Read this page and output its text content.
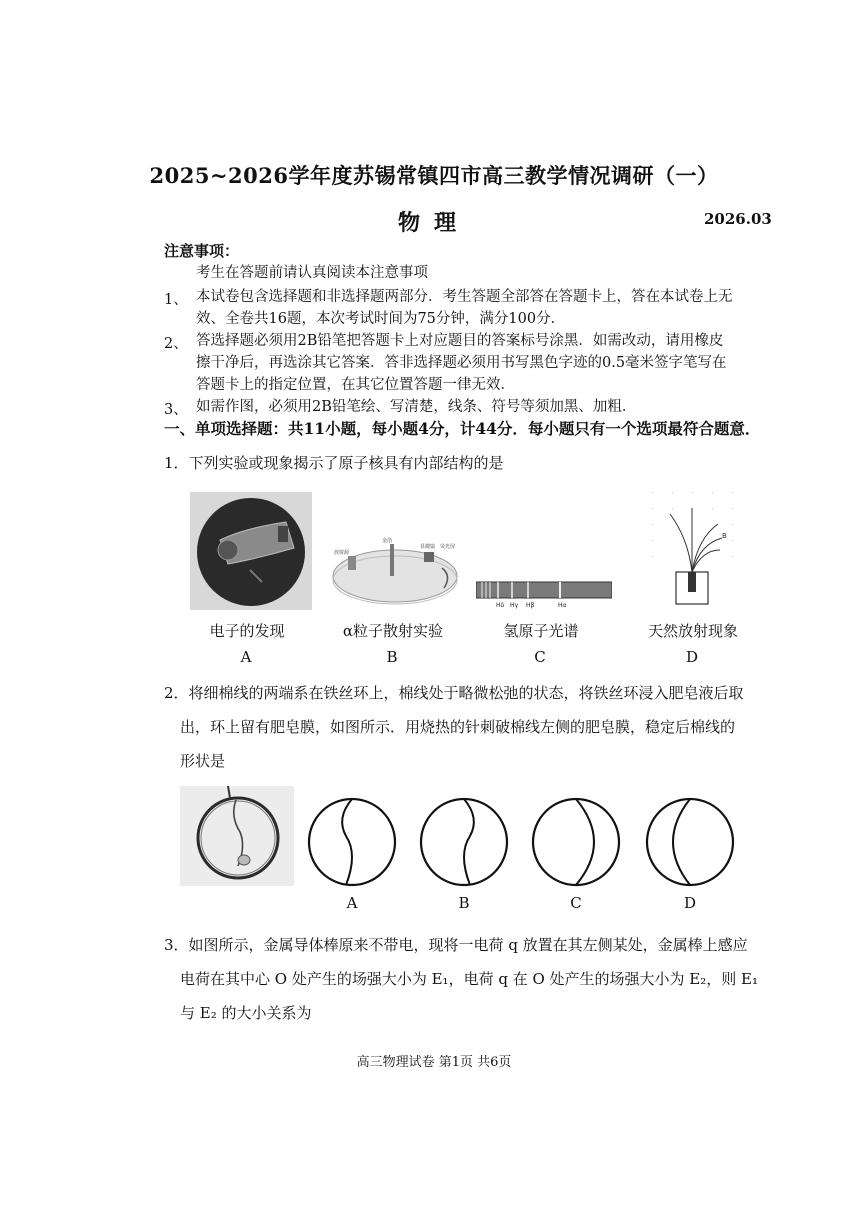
2025~2026学年度苏锡常镇四市高三教学情况调研（一）
物理	2026.03
注意事项：
考生在答题前请认真阅读本注意事项
1、 本试卷包含选择题和非选择题两部分．考生答题全部答在答题卡上，答在本试卷上无
效、全卷共16题，本次考试时间为75分钟，满分100分．
2、 答选择题必须用2B铅笔把答题卡上对应题目的答案标号涂黑．如需改动，请用橡皮
擦干净后，再选涂其它答案．答非选择题必须用书写黑色字迹的0.5毫米签字笔写在
答题卡上的指定位置，在其它位置答题一律无效．
3、 如需作图，必须用2B铅笔绘、写清楚，线条、符号等须加黑、加粗．
一、单项选择题：共11小题，每小题4分，计44分．每小题只有一个选项最符合题意．
1．下列实验或现象揭示了原子核具有内部结构的是
放射源
金箔
显微镜 荧光屏
Hδ Hγ Hβ	Hα
·	·	·	·	·
·	·	·	·
·	·
·	·
·	·
B
电子的发现	α粒子散射实验	氢原子光谱	天然放射现象
A	B	C	D
2．将细棉线的两端系在铁丝环上，棉线处于略微松弛的状态，将铁丝环浸入肥皂液后取
出，环上留有肥皂膜，如图所示．用烧热的针刺破棉线左侧的肥皂膜，稳定后棉线的
形状是
A	B	C	D
3．如图所示，金属导体棒原来不带电，现将一电荷 q 放置在其左侧某处，金属棒上感应
电荷在其中心 O 处产生的场强大小为 E₁，电荷 q 在 O 处产生的场强大小为 E₂，则 E₁
与 E₂ 的大小关系为
高三物理试卷 第1页 共6页
